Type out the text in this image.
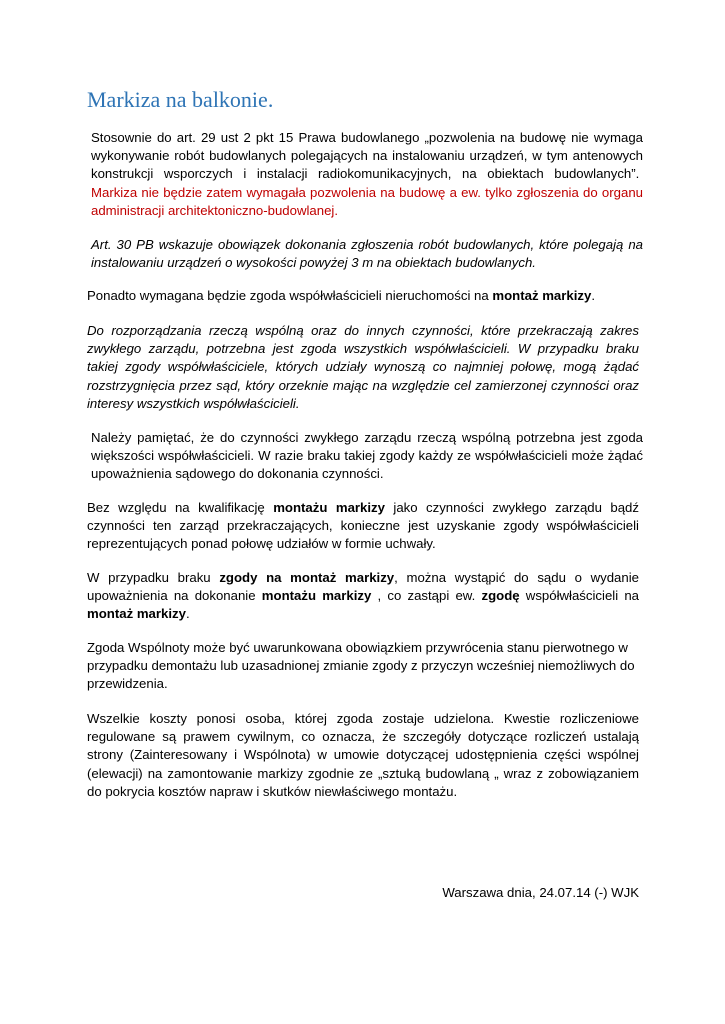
Markiza na balkonie.

Stosownie do art. 29 ust 2 pkt 15 Prawa budowlanego „pozwolenia na budowę nie wymaga wykonywanie robót budowlanych polegających na instalowaniu urządzeń, w tym antenowych konstrukcji wsporczych i instalacji radiokomunikacyjnych, na obiektach budowlanych”.  Markiza nie będzie zatem wymagała pozwolenia na budowę a ew. tylko zgłoszenia do organu administracji architektoniczno-budowlanej.

Art. 30 PB wskazuje obowiązek dokonania zgłoszenia robót budowlanych, które polegają na instalowaniu urządzeń o wysokości powyżej 3 m na obiektach budowlanych.

Ponadto wymagana będzie zgoda współwłaścicieli nieruchomości na montaż markizy.

Do rozporządzania rzeczą wspólną oraz do innych czynności, które przekraczają zakres zwykłego zarządu, potrzebna jest zgoda wszystkich współwłaścicieli. W przypadku braku takiej zgody współwłaściciele, których udziały wynoszą co najmniej połowę, mogą żądać rozstrzygnięcia przez sąd, który orzeknie mając na względzie cel zamierzonej czynności oraz interesy wszystkich współwłaścicieli.

Należy pamiętać, że do czynności zwykłego zarządu rzeczą wspólną potrzebna jest zgoda większości współwłaścicieli. W razie braku takiej zgody każdy ze współwłaścicieli może żądać upoważnienia sądowego do dokonania czynności.

Bez względu na kwalifikację montażu markizy jako czynności zwykłego zarządu bądź czynności ten zarząd przekraczających, konieczne jest uzyskanie zgody współwłaścicieli reprezentujących ponad połowę udziałów w formie uchwały.

W przypadku braku zgody na montaż markizy, można wystąpić do sądu o wydanie upoważnienia na dokonanie montażu markizy , co zastąpi ew. zgodę współwłaścicieli na montaż markizy.

Zgoda Wspólnoty może być uwarunkowana obowiązkiem przywrócenia stanu pierwotnego w przypadku demontażu lub uzasadnionej zmianie zgody z przyczyn wcześniej niemożliwych do przewidzenia.

Wszelkie koszty ponosi osoba, której zgoda zostaje udzielona. Kwestie rozliczeniowe regulowane są prawem cywilnym, co oznacza, że szczegóły dotyczące rozliczeń ustalają strony (Zainteresowany i Wspólnota) w umowie dotyczącej udostępnienia części wspólnej (elewacji) na zamontowanie markizy zgodnie ze „sztuką budowlaną „ wraz z zobowiązaniem do pokrycia kosztów napraw i skutków niewłaściwego montażu.

Warszawa dnia, 24.07.14 (-) WJK
